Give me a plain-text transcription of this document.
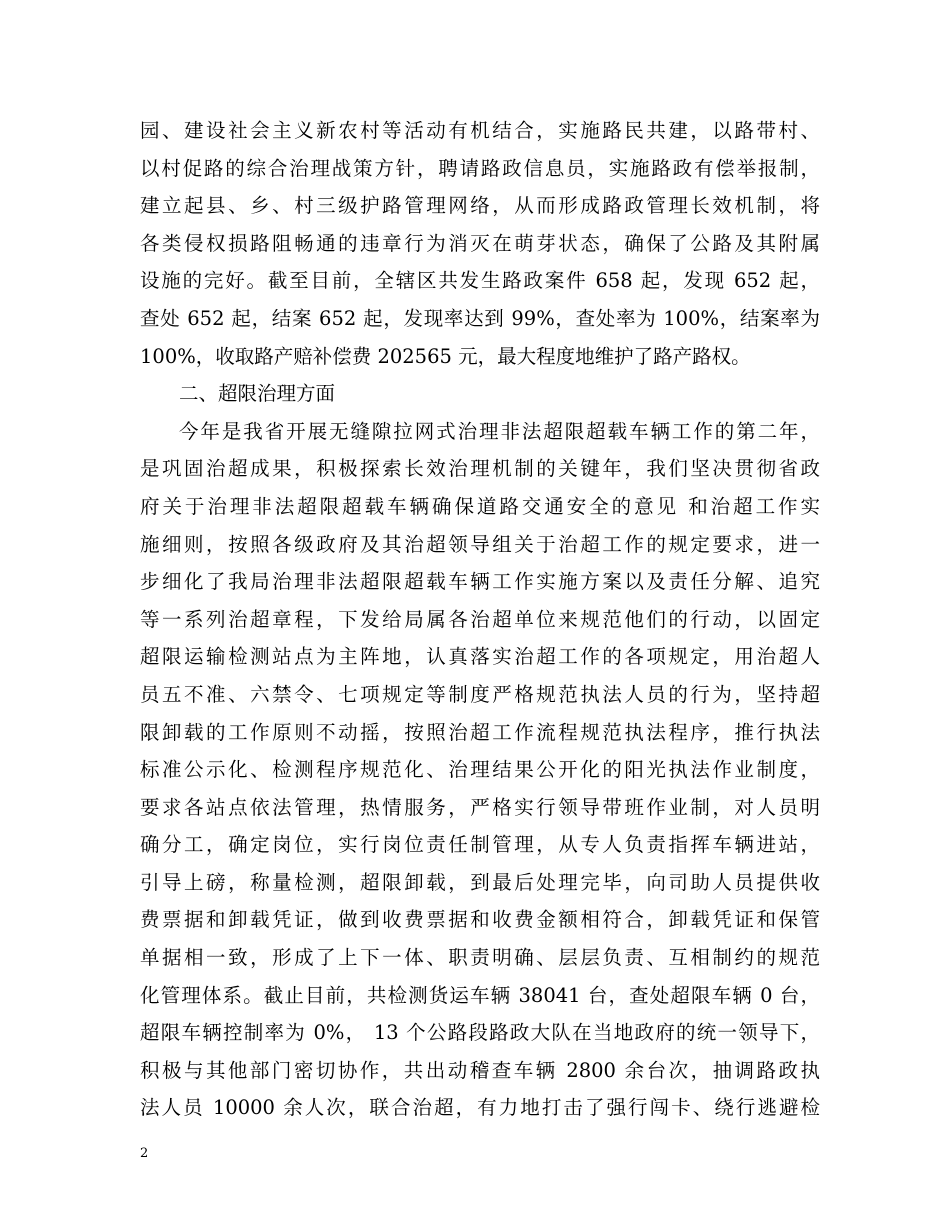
园、建设社会主义新农村等活动有机结合，实施路民共建，以路带村、
以村促路的综合治理战策方针，聘请路政信息员，实施路政有偿举报制，
建立起县、乡、村三级护路管理网络，从而形成路政管理长效机制，将
各类侵权损路阻畅通的违章行为消灭在萌芽状态，确保了公路及其附属
设施的完好。截至目前，全辖区共发生路政案件 658 起，发现 652 起，
查处 652 起，结案 652 起，发现率达到 99%，查处率为 100%，结案率为
100%，收取路产赔补偿费 202565 元，最大程度地维护了路产路权。
二、超限治理方面
今年是我省开展无缝隙拉网式治理非法超限超载车辆工作的第二年，
是巩固治超成果，积极探索长效治理机制的关键年，我们坚决贯彻省政
府关于治理非法超限超载车辆确保道路交通安全的意见 和治超工作实
施细则，按照各级政府及其治超领导组关于治超工作的规定要求，进一
步细化了我局治理非法超限超载车辆工作实施方案以及责任分解、追究
等一系列治超章程，下发给局属各治超单位来规范他们的行动，以固定
超限运输检测站点为主阵地，认真落实治超工作的各项规定，用治超人
员五不准、六禁令、七项规定等制度严格规范执法人员的行为，坚持超
限卸载的工作原则不动摇，按照治超工作流程规范执法程序，推行执法
标准公示化、检测程序规范化、治理结果公开化的阳光执法作业制度，
要求各站点依法管理，热情服务，严格实行领导带班作业制，对人员明
确分工，确定岗位，实行岗位责任制管理，从专人负责指挥车辆进站，
引导上磅，称量检测，超限卸载，到最后处理完毕，向司助人员提供收
费票据和卸载凭证，做到收费票据和收费金额相符合，卸载凭证和保管
单据相一致，形成了上下一体、职责明确、层层负责、互相制约的规范
化管理体系。截止目前，共检测货运车辆 38041 台，查处超限车辆 0 台，
超限车辆控制率为 0%， 13 个公路段路政大队在当地政府的统一领导下，
积极与其他部门密切协作，共出动稽查车辆 2800 余台次，抽调路政执
法人员 10000 余人次，联合治超，有力地打击了强行闯卡、绕行逃避检
2
